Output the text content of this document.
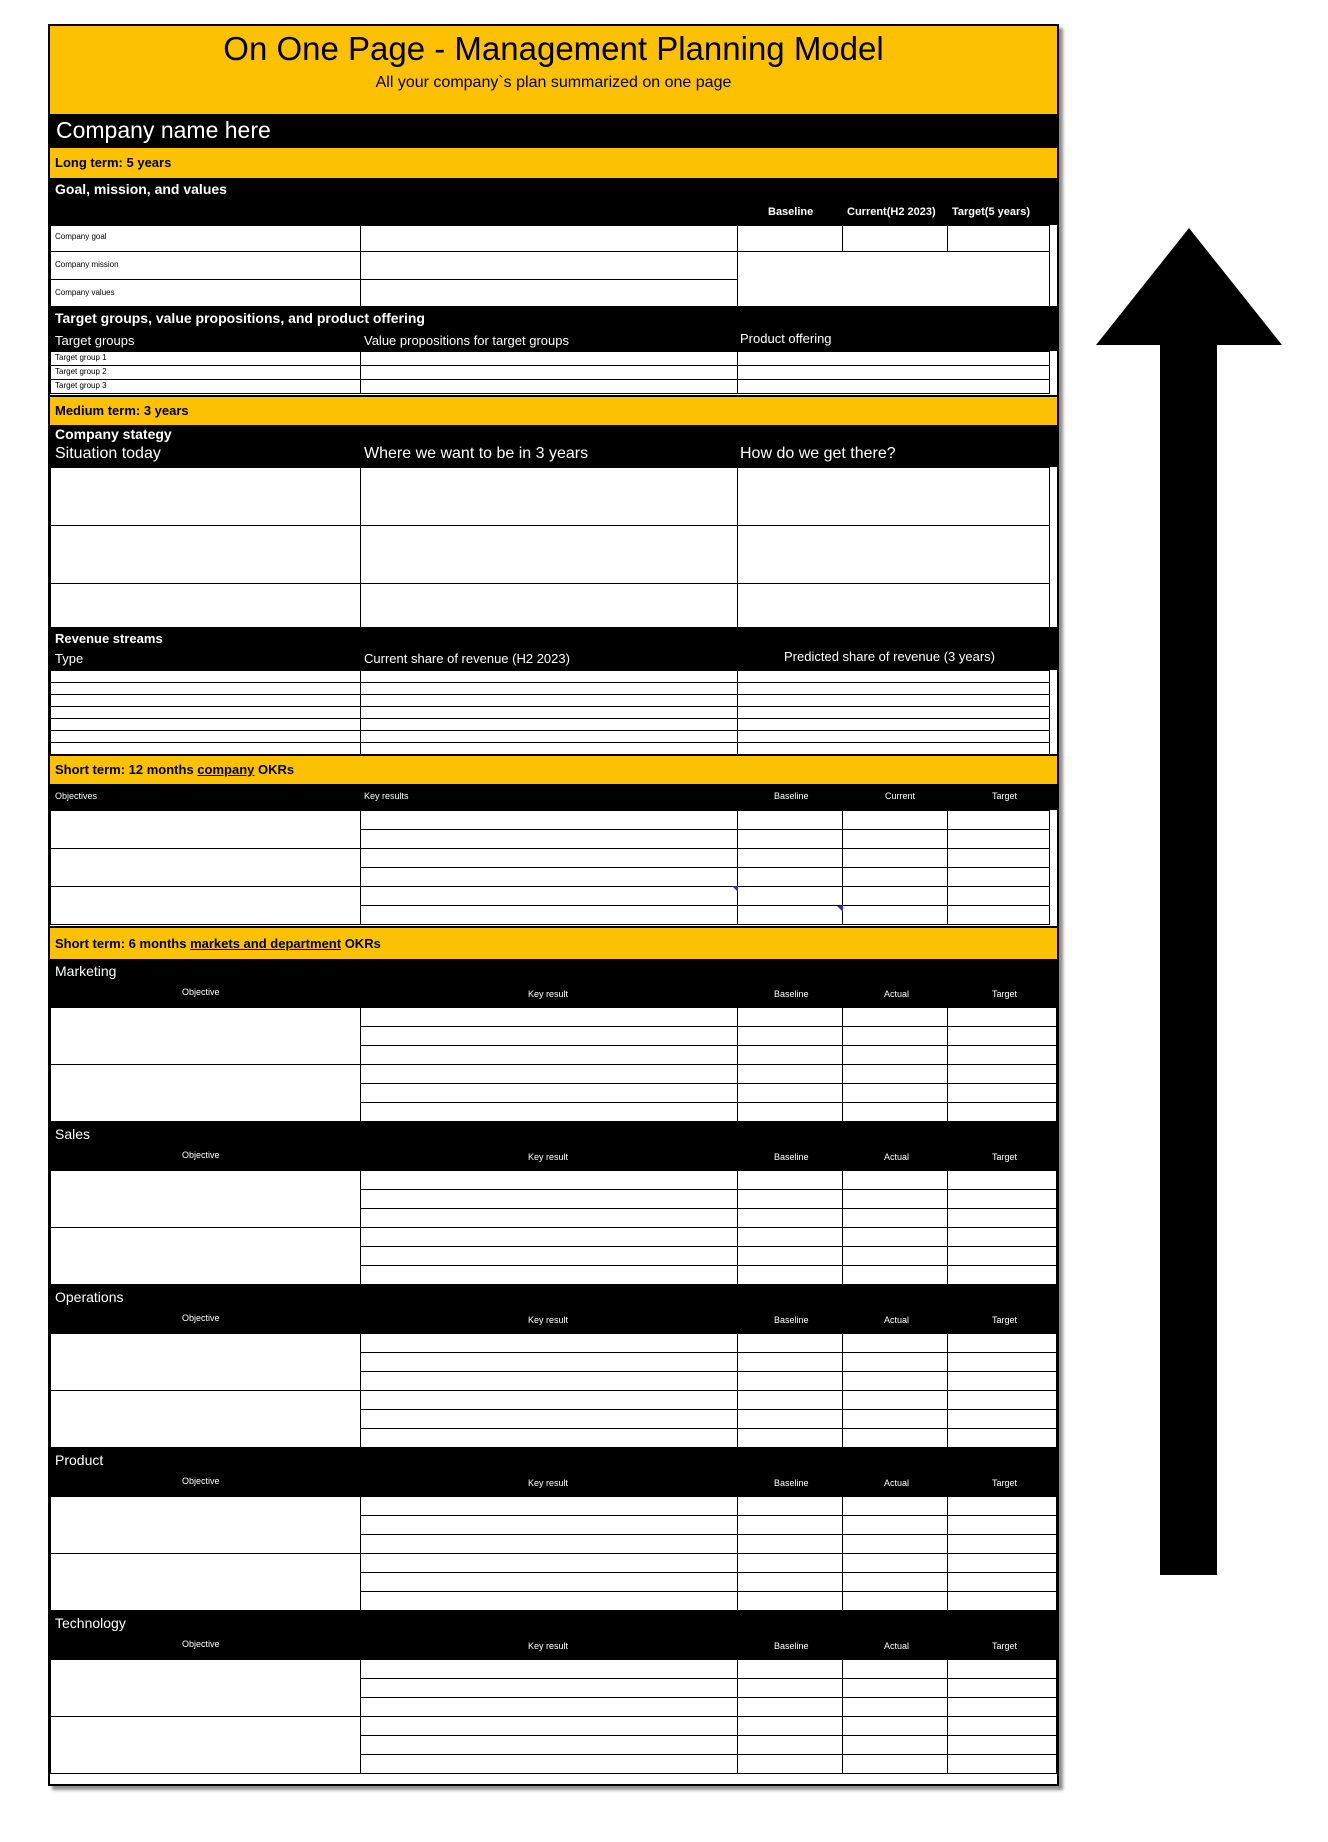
On One Page - Management Planning Model
All your company`s plan summarized on one page
Company name here
Long term: 5 years
Goal, mission, and values
Baseline	Current(H2 2023) Target(5 years)
Company goal
Company mission
Company values
Target groups, value propositions, and product offering
Target groups	Value propositions for target groups	Product offering
Target group 1
Target group 2
Target group 3
Medium term: 3 years
Company stategy
Situation today	Where we want to be in 3 years	How do we get there?
Revenue streams
Type	Current share of revenue (H2 2023)	Predicted share of revenue (3 years)
Short term: 12 months company OKRs
Objectives	Key results	Baseline	Current	Target
Short term: 6 months markets and department OKRs
Marketing
Objective	Key result	Baseline	Actual	Target
Sales
Objective	Key result	Baseline	Actual	Target
Operations
Objective	Key result	Baseline	Actual	Target
Product
Objective	Key result	Baseline	Actual	Target
Technology
Objective	Key result	Baseline	Actual	Target
